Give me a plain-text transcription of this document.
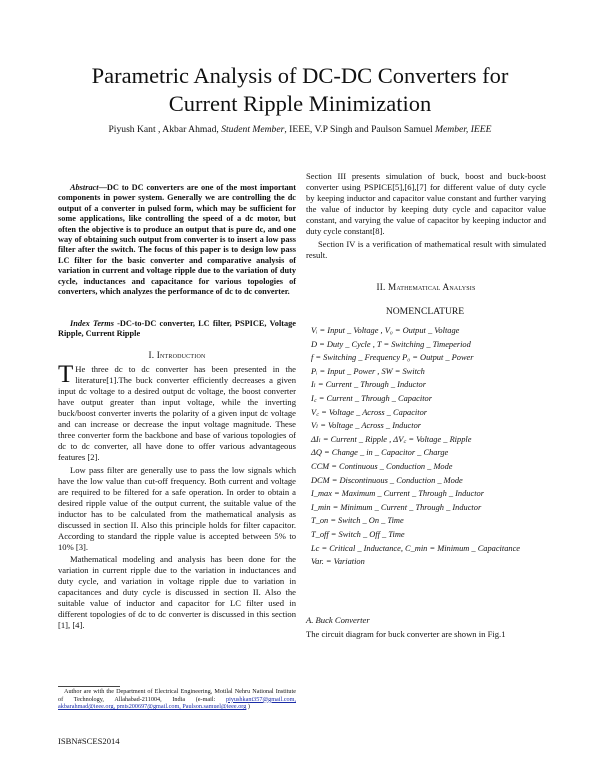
Parametric Analysis of DC-DC Converters for
Current Ripple Minimization
Piyush Kant , Akbar Ahmad, Student Member, IEEE, V.P Singh and Paulson Samuel Member, IEEE
Abstract—DC to DC converters are one of the most important components in power system. Generally we are controlling the dc output of a converter in pulsed form, which may be sufficient for some applications, like controlling the speed of a dc motor, but often the objective is to produce an output that is pure dc, and one way of obtaining such output from converter is to insert a low pass filter after the switch. The focus of this paper is to design low pass LC filter for the basic converter and comparative analysis of variation in current and voltage ripple due to the variation of duty cycle, inductances and capacitance for various topologies of converters, which analyzes the performance of dc to dc converter.
Index Terms -DC-to-DC converter, LC filter, PSPICE, Voltage Ripple, Current Ripple
I. Introduction

T He three dc to dc converter has been presented in the literature[1].The buck converter efficiently decreases a given input dc voltage to a desired output dc voltage, the boost converter have output greater than input voltage, while the inverting buck/boost converter inverts the polarity of a given input dc voltage and can increase or decrease the input voltage magnitude. These three converter form the backbone and base of various topologies of dc to dc converter, all have done to offer various advantageous features [2].

Low pass filter are generally use to pass the low signals which have the low value than cut-off frequency. Both current and voltage are required to be filtered for a safe operation. In order to obtain a desired ripple value of the output current, the suitable value of the inductor has to be calculated from the mathematical analysis as discussed in section II. Also this principle holds for filter capacitor. According to standard the ripple value is accepted between 5% to 10% [3].

Mathematical modeling and analysis has been done for the variation in current ripple due to the variation in inductances and duty cycle, and variation in voltage ripple due to variation in capacitances and duty cycle is discussed in section II. Also the suitable value of inductor and capacitor for LC filter used in different topologies of dc to dc converter is discussed in this section [1], [4].

Author are with the Department of Electrical Engineering, Motilal Nehru National Institute of Technology, Allahabad-211004, India (e-mail: piyushkant357@gmail.com, akbarahmad@ieee.org, pmts200697@gmail.com, Paulson.samuel@ieee.org )
ISBN#SCES2014

Section III presents simulation of buck, boost and buck-boost converter using PSPICE[5],[6],[7] for different value of duty cycle by keeping inductor and capacitor value constant and further varying the value of inductor by keeping duty cycle and capacitor value constant, and varying the value of capacitor by keeping inductor and duty cycle constant[8].

Section IV is a verification of mathematical result with simulated result.

II. Mathematical Analysis
NOMENCLATURE
Vᵢ = Input _ Voltage , V₀ = Output _ Voltage
D = Duty _ Cycle , T = Switching _ Timeperiod
f = Switching _ Frequency P₀ = Output _ Power
Pᵢ = Input _ Power , SW = Switch
Iₗ = Current _ Through _ Inductor
I꜀ = Current _ Through _ Capacitor
V꜀ = Voltage _ Across _ Capacitor
Vₗ = Voltage _ Across _ Inductor
ΔIₗ = Current _ Ripple , ΔV꜀ = Voltage _ Ripple
ΔQ = Change _ in _ Capacitor _ Charge
CCM = Continuous _ Conduction _ Mode
DCM = Discontinuous _ Conduction _ Mode
I_max = Maximum _ Current _ Through _ Inductor
I_min = Minimum _ Current _ Through _ Inductor
T_on = Switch _ On _ Time
T_off = Switch _ Off _ Time
Lc = Critical _ Inductance, C_min = Minimum _ Capacitance
Var. = Variation
A. Buck Converter
The circuit diagram for buck converter are shown in Fig.1
